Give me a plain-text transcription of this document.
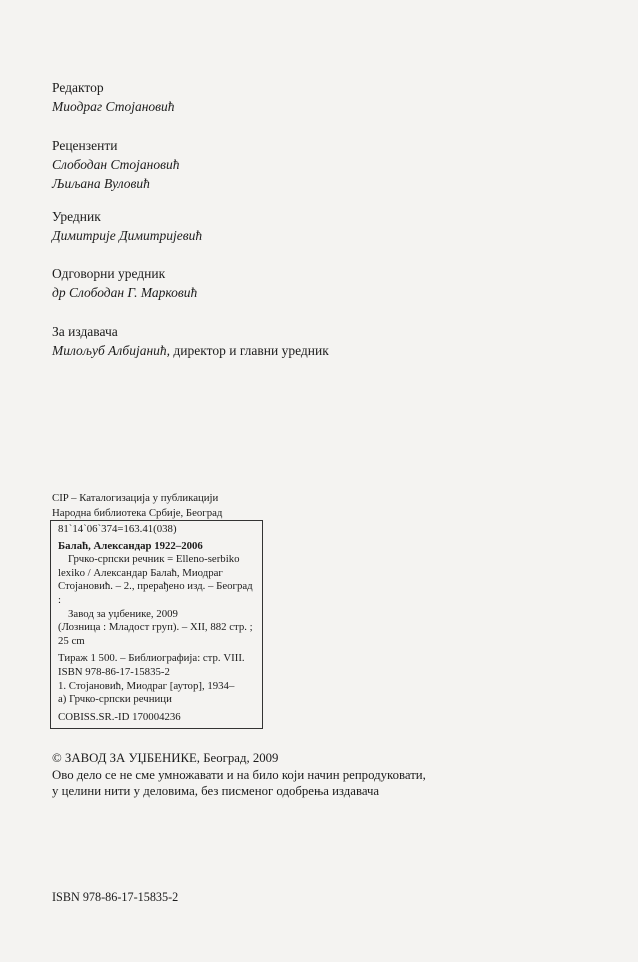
Редактор
Миодраг Стојановић
Рецензенти
Слободан Стојановић
Љиљана Вуловић
Уредник
Димитрије Димитријевић
Одговорни уредник
др Слободан Г. Марковић
За издавача
Милољуб Албијанић, директор и главни уредник
CIP – Каталогизација у публикацији
Народна библиотека Србије, Београд
81`14`06`374=163.41(038)
Балаћ, Александар 1922–2006
Грчко-српски речник = Elleno-serbiko
lexiko / Александар Балаћ, Миодраг
Стојановић. – 2., прерађено изд. – Београд :
Завод за уџбенике, 2009
(Лозница : Младост груп). – XII, 882 стр. ;
25 cm
Тираж 1 500. – Библиографија: стр. VIII.
ISBN 978-86-17-15835-2
1. Стојановић, Миодраг [аутор], 1934–
a) Грчко-српски речници
COBISS.SR.-ID 170004236
© ЗАВОД ЗА УЏБЕНИКЕ, Београд, 2009
Ово дело се не сме умножавати и на било који начин репродуковати,
у целини нити у деловима, без писменог одобрења издавача
ISBN 978-86-17-15835-2
